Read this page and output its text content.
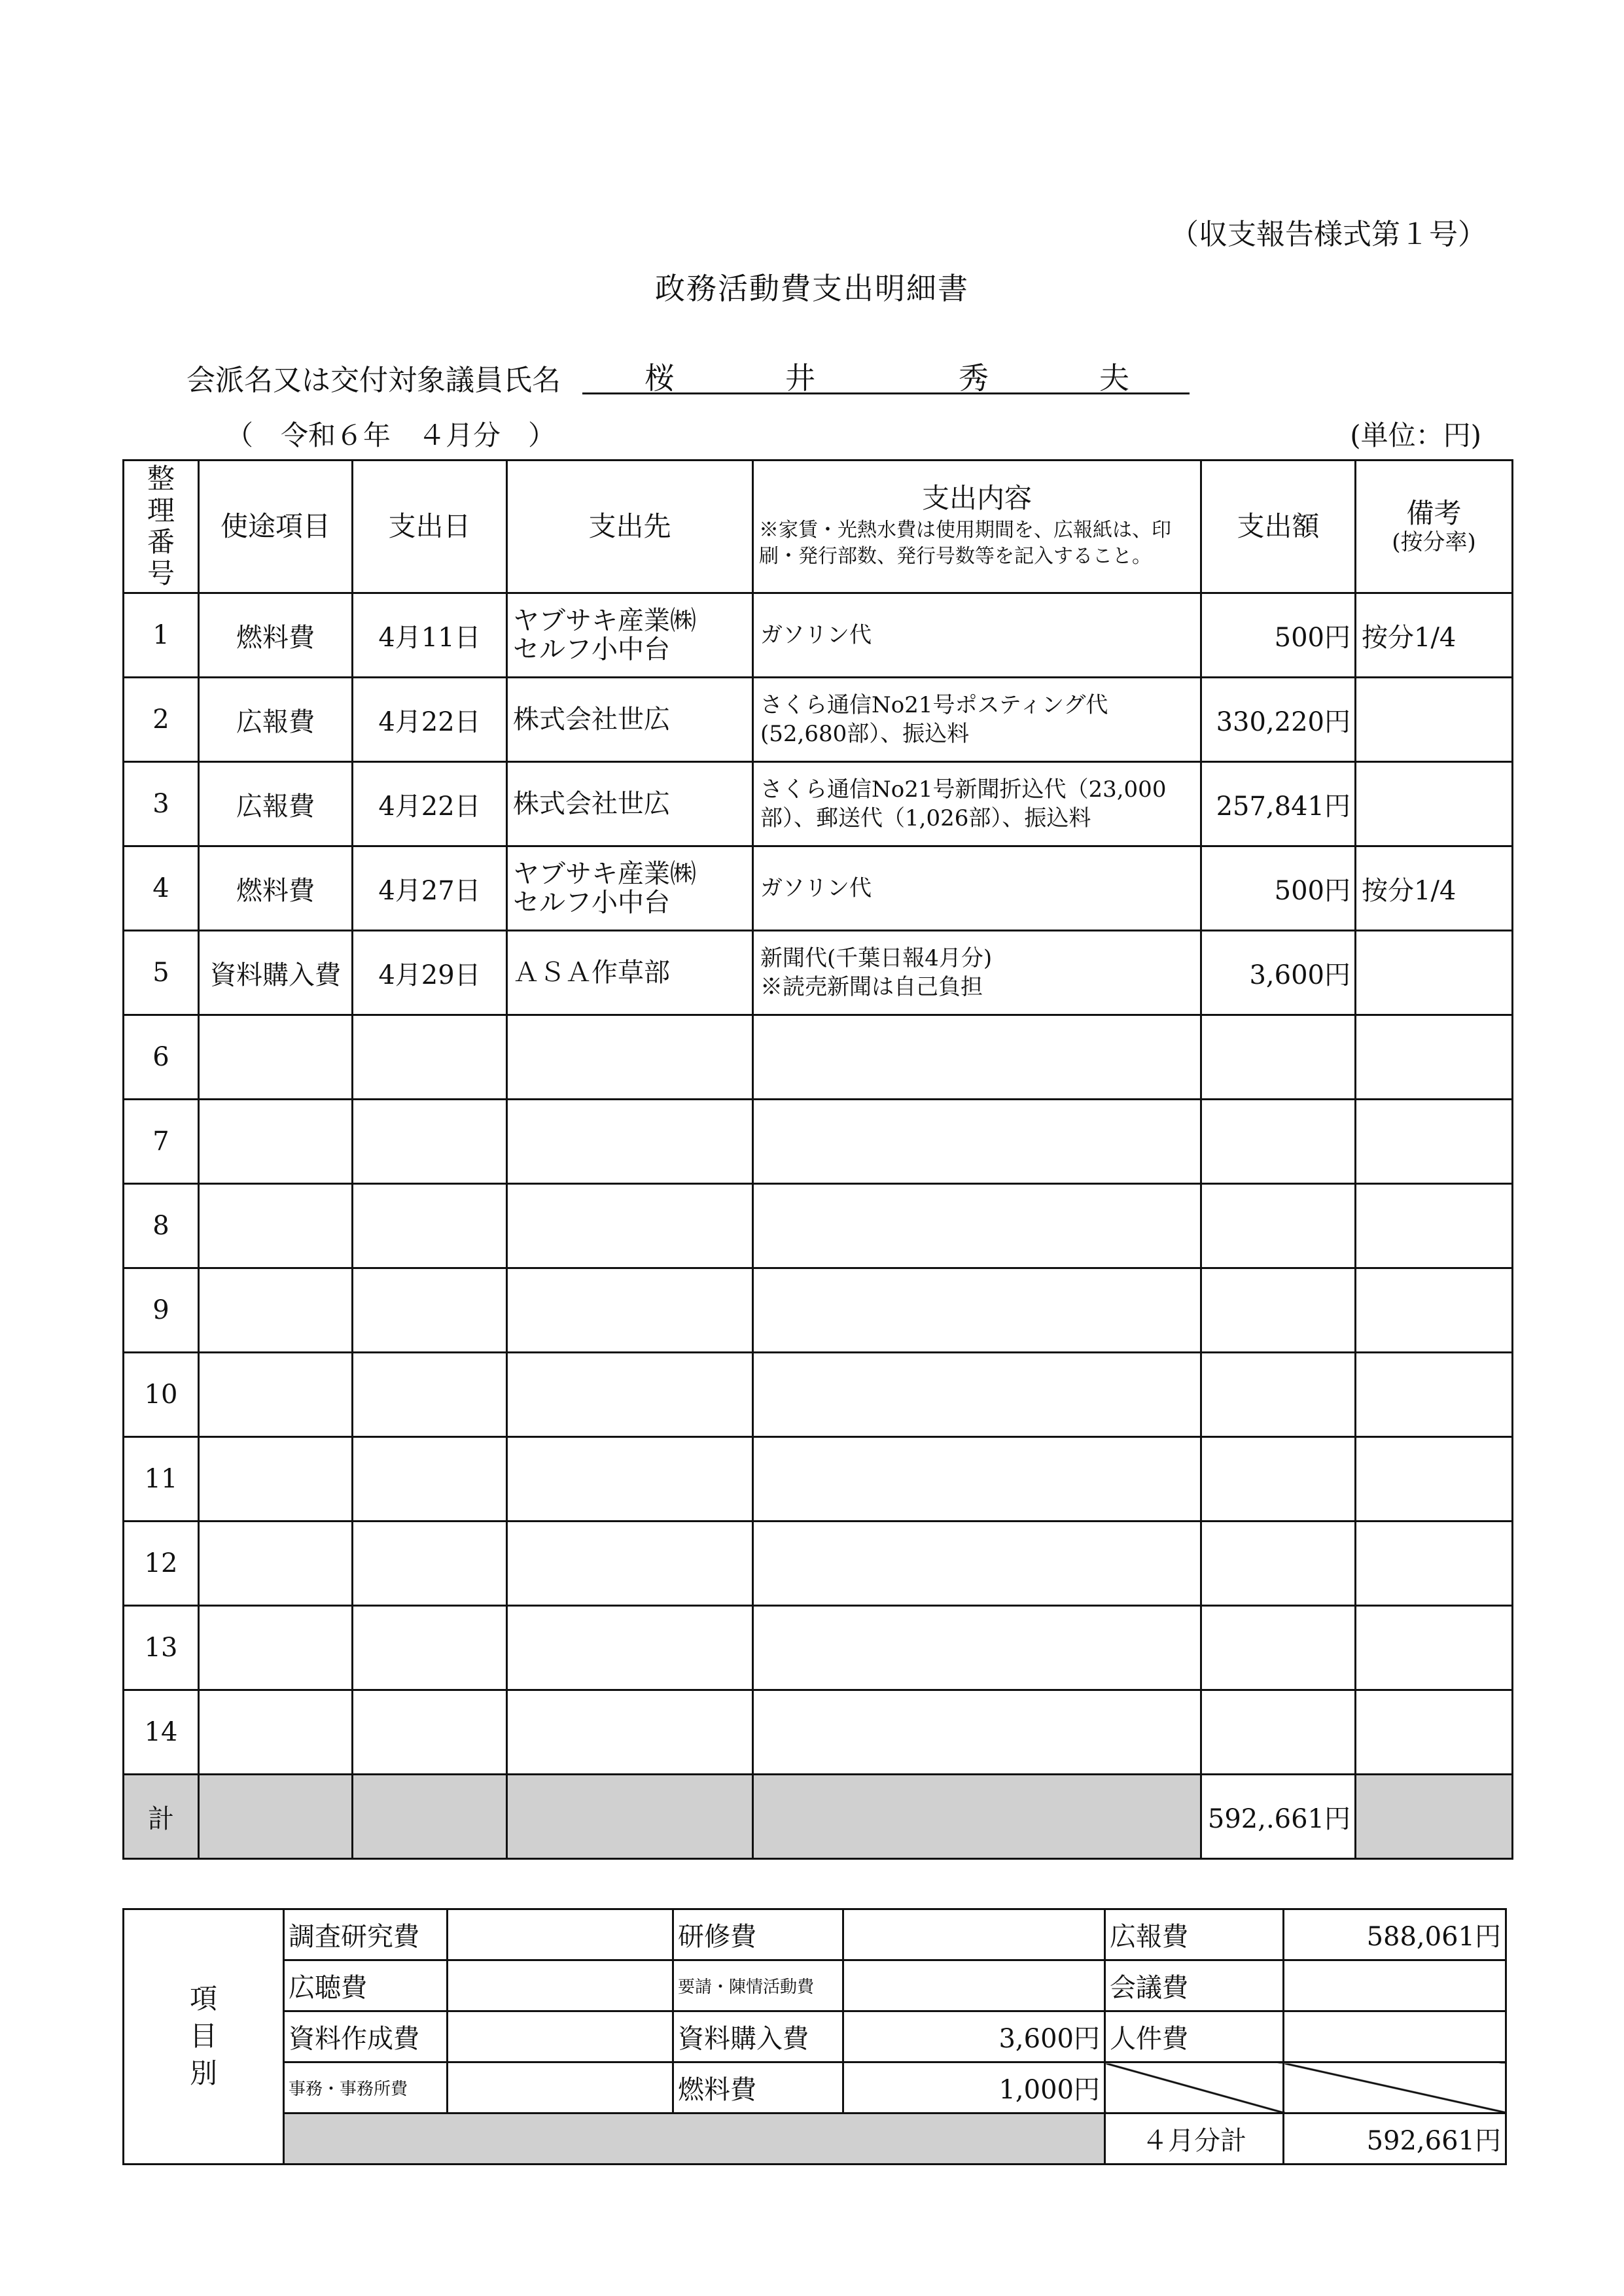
（収支報告様式第１号）
政務活動費支出明細書
会派名又は交付対象議員氏名	桜	井	秀	夫
（　令和６年　４月分　）	(単位：円)
整理番号	使途項目	支出日	支出先	支出内容
※家賃・光熱水費は使用期間を、広報紙は、印刷・発行部数、発行号数等を記入すること。	支出額	備考
(按分率)

1	燃料費	4月11日	ヤブサキ産業㈱
セルフ小中台	ガソリン代	500円	按分1/4
2	広報費	4月22日	株式会社世広	さくら通信No21号ポスティング代
(52,680部）、振込料	330,220円	
3	広報費	4月22日	株式会社世広	さくら通信No21号新聞折込代（23,000部）、郵送代（1,026部）、振込料	257,841円	
4	燃料費	4月27日	ヤブサキ産業㈱
セルフ小中台	ガソリン代	500円	按分1/4
5	資料購入費	4月29日	ＡＳＡ作草部	新聞代(千葉日報4月分)
※読売新聞は自己負担	3,600円	
6						
7						
8						
9						
10						
11						
12						
13						
14						
計					592,.661円	
項
目
別	調査研究費		研修費		広報費	588,061円
	広聴費		要請・陳情活動費		会議費	
	資料作成費		資料購入費	3,600円	人件費	
	事務・事務所費		燃料費	1,000円		
					４月分計	592,661円
